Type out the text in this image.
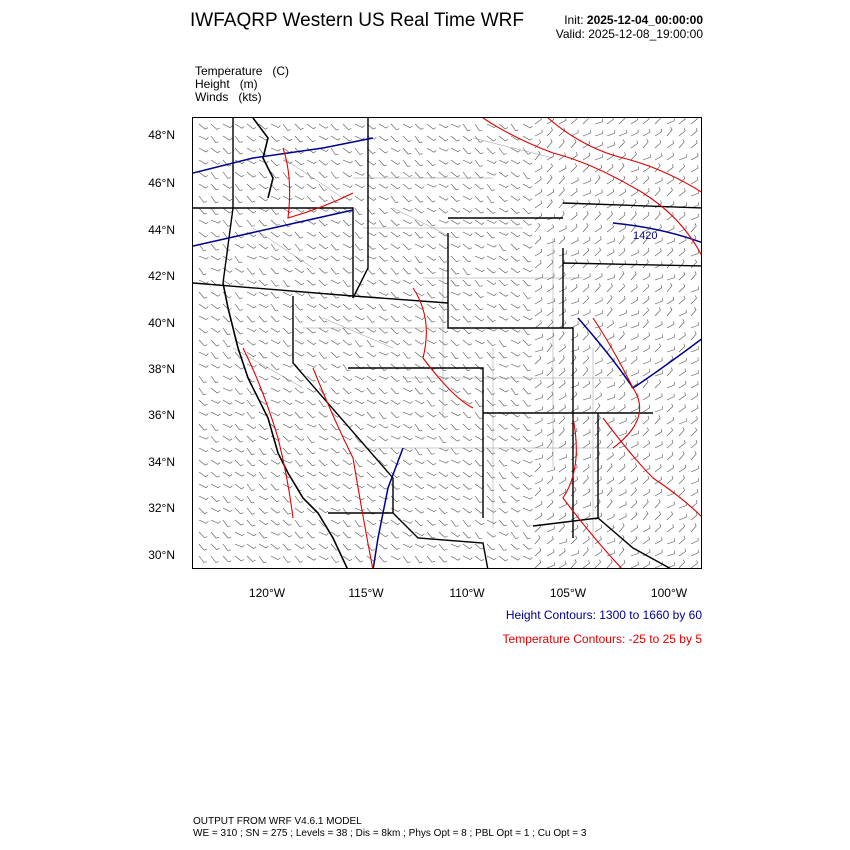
IWFAQRP Western US Real Time WRF	Init: 2025-12-04_00:00:00
Valid: 2025-12-08_19:00:00
Temperature   (C)
Height   (m)
Winds   (kts)
1420
48°N
46°N
44°N
42°N
40°N
38°N
36°N
34°N
32°N
30°N
120°W	115°W	110°W	105°W	100°W
Height Contours: 1300 to 1660 by 60
Temperature Contours: -25 to 25 by 5
OUTPUT FROM WRF V4.6.1 MODEL
WE = 310 ; SN = 275 ; Levels = 38 ; Dis = 8km ; Phys Opt = 8 ; PBL Opt = 1 ; Cu Opt = 3
